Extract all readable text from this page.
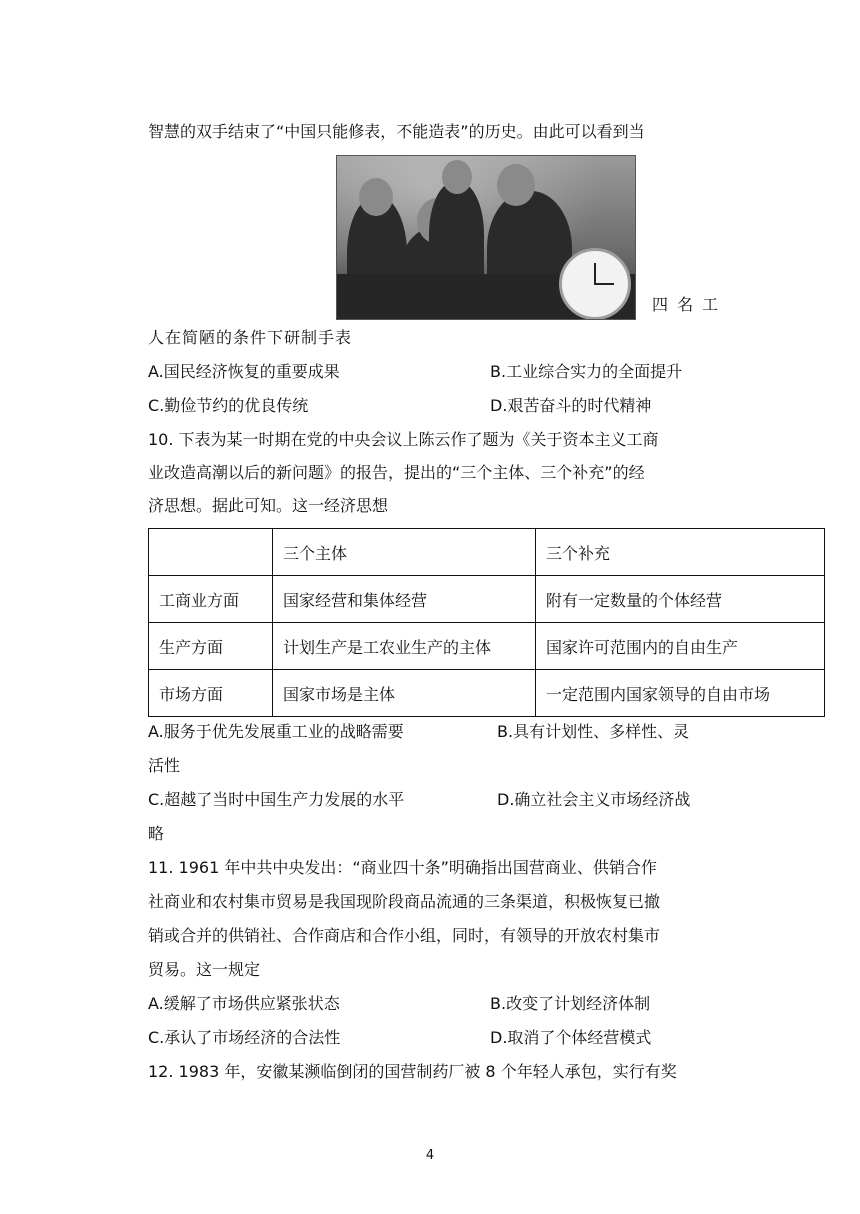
智慧的双手结束了“中国只能修表，不能造表”的历史。由此可以看到当
四 名 工
人在简陋的条件下研制手表
A.国民经济恢复的重要成果	B.工业综合实力的全面提升
C.勤俭节约的优良传统	D.艰苦奋斗的时代精神
10. 下表为某一时期在党的中央会议上陈云作了题为《关于资本主义工商
业改造高潮以后的新问题》的报告，提出的“三个主体、三个补充”的经
济思想。据此可知。这一经济思想
	三个主体	三个补充
工商业方面	国家经营和集体经营	附有一定数量的个体经营
生产方面	计划生产是工农业生产的主体	国家许可范围内的自由生产
市场方面	国家市场是主体	一定范围内国家领导的自由市场
A.服务于优先发展重工业的战略需要	B.具有计划性、多样性、灵
活性
C.超越了当时中国生产力发展的水平	D.确立社会主义市场经济战
略
11. 1961 年中共中央发出：“商业四十条”明确指出国营商业、供销合作
社商业和农村集市贸易是我国现阶段商品流通的三条渠道，积极恢复已撤
销或合并的供销社、合作商店和合作小组，同时，有领导的开放农村集市
贸易。这一规定
A.缓解了市场供应紧张状态	B.改变了计划经济体制
C.承认了市场经济的合法性	D.取消了个体经营模式
12. 1983 年，安徽某濒临倒闭的国营制药厂被 8 个年轻人承包，实行有奖
4
